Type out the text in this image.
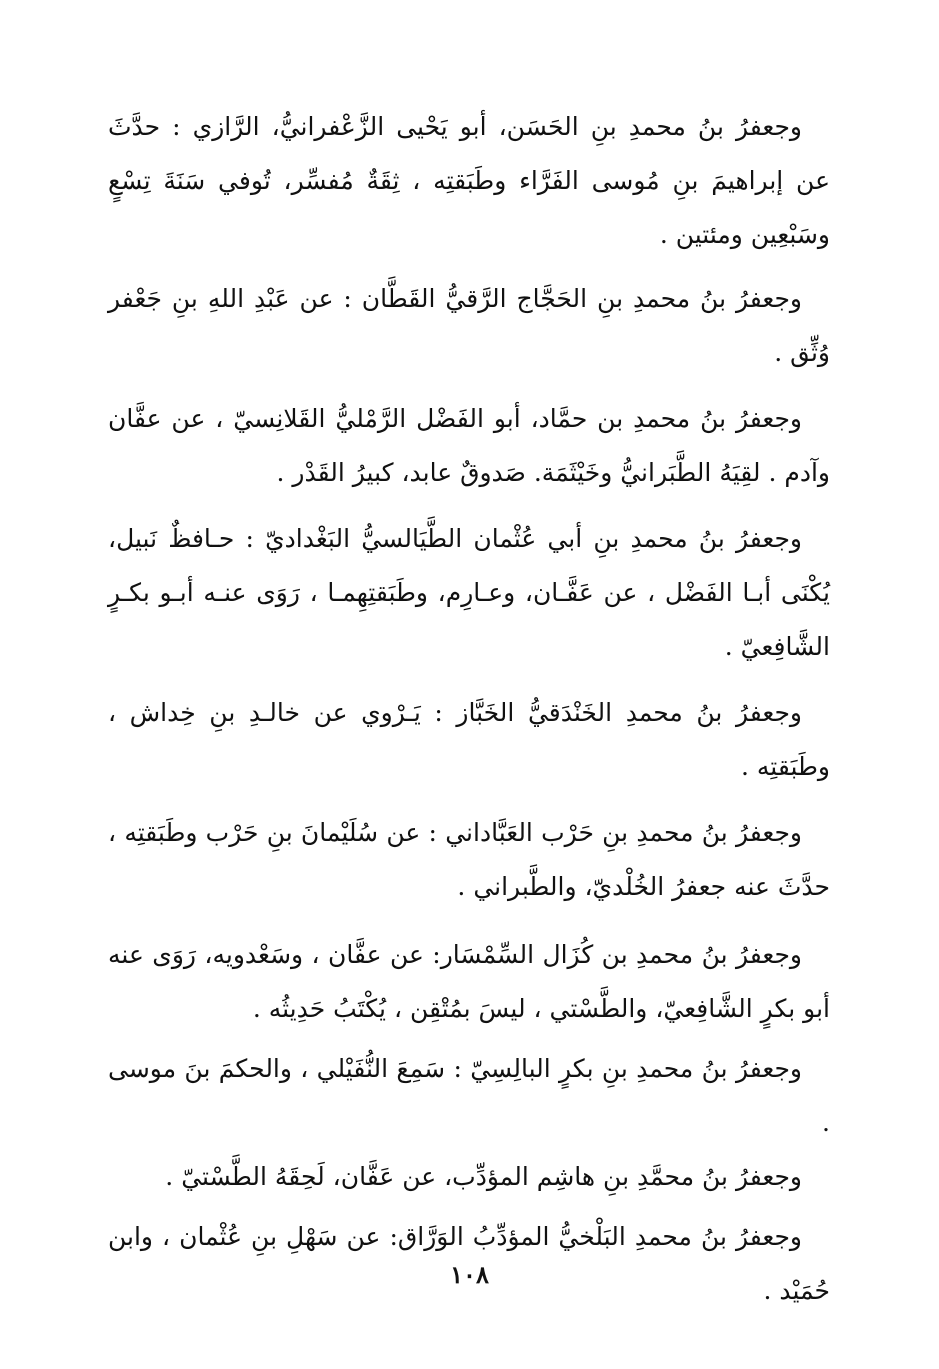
وجعفرُ بنُ محمدِ بنِ الحَسَن، أبو يَحْيى الزَّعْفرانيُّ، الرَّازي : حدَّثَ عن إبراهيمَ بنِ مُوسى الفَرَّاء وطَبَقتِه ، ثِقَةٌ مُفسِّر، تُوفي سَنَةَ تِسْعٍ وسَبْعِين ومئتين .

وجعفرُ بنُ محمدِ بنِ الحَجَّاج الرَّقيُّ القَطَّان : عن عَبْدِ اللهِ بنِ جَعْفر وُثِّق .

وجعفرُ بنُ محمدِ بن حمَّاد، أبو الفَضْل الرَّمْليُّ القَلانِسيّ ، عن عفَّان وآدم . لقِيَهُ الطَّبَرانيُّ وخَيْثَمَة. صَدوقٌ عابد، كبيرُ القَدْر .

وجعفرُ بنُ محمدِ بنِ أبي عُثْمان الطَّيَالسيُّ البَغْداديّ : حـافظٌ نَبيل، يُكْنَى أبـا الفَضْل ، عن عَفَّـان، وعـارِم، وطَبَقتِهِمـا ، رَوَى عنـه أبـو بكـرٍ الشَّافِعيّ .

وجعفرُ بنُ محمدِ الخَنْدَقيُّ الخَبَّاز : يَـرْوي عن خالـدِ بنِ خِداش ، وطَبَقتِه .

وجعفرُ بنُ محمدِ بنِ حَرْب العَبَّاداني : عن سُلَيْمانَ بنِ حَرْب وطَبَقتِه ، حدَّثَ عنه جعفرُ الخُلْديّ، والطَّبراني .

وجعفرُ بنُ محمدِ بن كُزَال السِّمْسَار: عن عفَّان ، وسَعْدويه، رَوَى عنه أبو بكرٍ الشَّافِعيّ، والطَّسْتي ، ليسَ بمُتْقِن ، يُكْتَبُ حَدِيثُه .

وجعفرُ بنُ محمدِ بنِ بكرٍ البالِسِيّ : سَمِعَ النُّفَيْلي ، والحكمَ بنَ موسى .

وجعفرُ بنُ محمَّدِ بنِ هاشِم المؤدِّب، عن عَفَّان، لَحِقَهُ الطَّسْتيّ .

وجعفرُ بنُ محمدِ البَلْخيُّ المؤدِّبُ الوَرَّاق: عن سَهْلِ بنِ عُثْمان ، وابن حُمَيْد .

١٠٨
